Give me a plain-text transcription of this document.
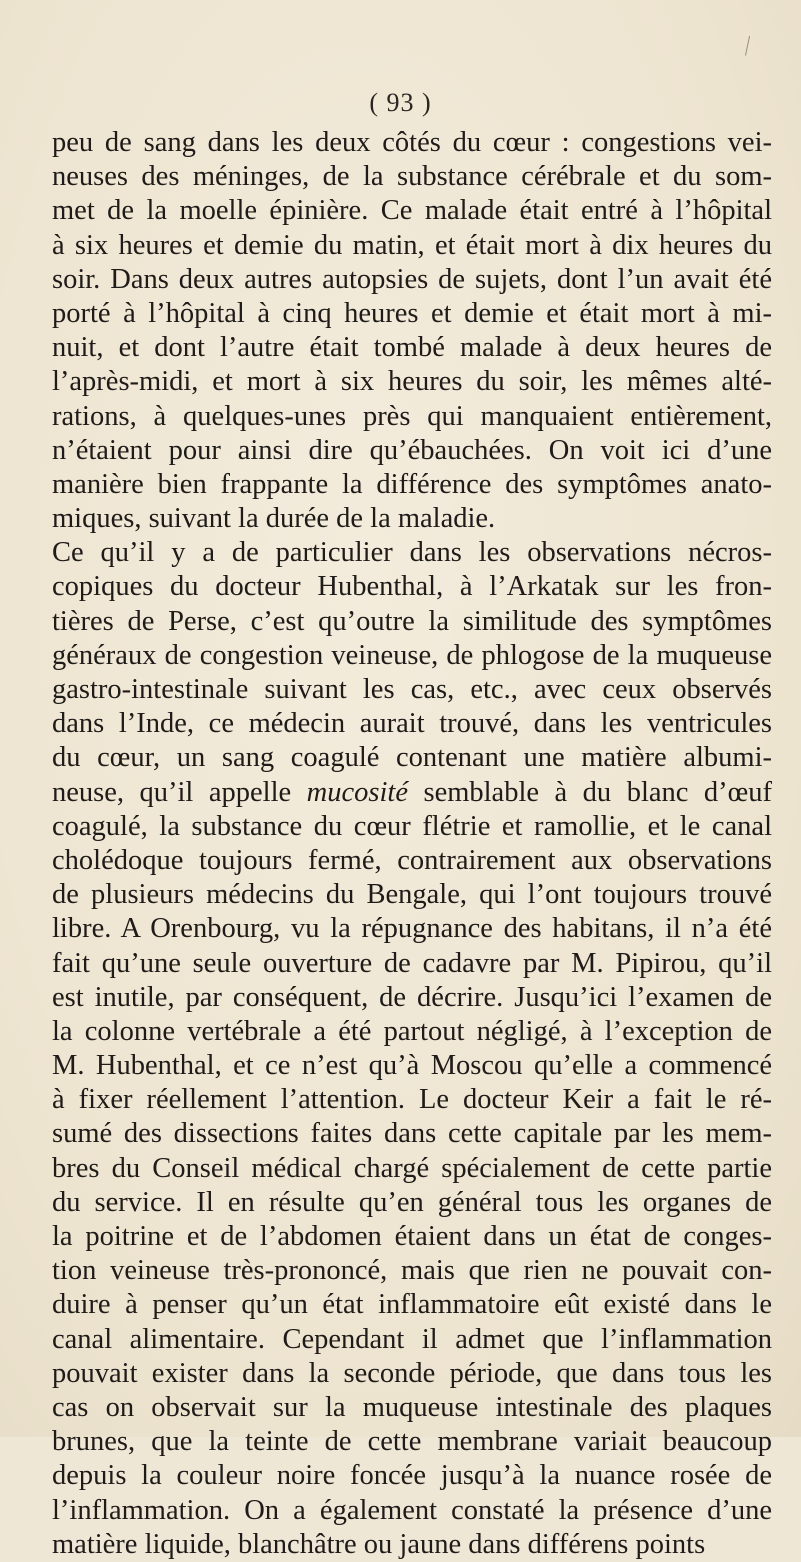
( 93 )
peu de sang dans les deux côtés du cœur : congestions vei-
neuses des méninges, de la substance cérébrale et du som-
met de la moelle épinière. Ce malade était entré à l’hôpital
à six heures et demie du matin, et était mort à dix heures du
soir. Dans deux autres autopsies de sujets, dont l’un avait été
porté à l’hôpital à cinq heures et demie et était mort à mi-
nuit, et dont l’autre était tombé malade à deux heures de
l’après-midi, et mort à six heures du soir, les mêmes alté-
rations, à quelques-unes près qui manquaient entièrement,
n’étaient pour ainsi dire qu’ébauchées. On voit ici d’une
manière bien frappante la différence des symptômes anato-
miques, suivant la durée de la maladie.
Ce qu’il y a de particulier dans les observations nécros-
copiques du docteur Hubenthal, à l’Arkatak sur les fron-
tières de Perse, c’est qu’outre la similitude des symptômes
généraux de congestion veineuse, de phlogose de la muqueuse
gastro-intestinale suivant les cas, etc., avec ceux observés
dans l’Inde, ce médecin aurait trouvé, dans les ventricules
du cœur, un sang coagulé contenant une matière albumi-
neuse, qu’il appelle mucosité semblable à du blanc d’œuf
coagulé, la substance du cœur flétrie et ramollie, et le canal
cholédoque toujours fermé, contrairement aux observations
de plusieurs médecins du Bengale, qui l’ont toujours trouvé
libre. A Orenbourg, vu la répugnance des habitans, il n’a été
fait qu’une seule ouverture de cadavre par M. Pipirou, qu’il
est inutile, par conséquent, de décrire. Jusqu’ici l’examen de
la colonne vertébrale a été partout négligé, à l’exception de
M. Hubenthal, et ce n’est qu’à Moscou qu’elle a commencé
à fixer réellement l’attention. Le docteur Keir a fait le ré-
sumé des dissections faites dans cette capitale par les mem-
bres du Conseil médical chargé spécialement de cette partie
du service. Il en résulte qu’en général tous les organes de
la poitrine et de l’abdomen étaient dans un état de conges-
tion veineuse très-prononcé, mais que rien ne pouvait con-
duire à penser qu’un état inflammatoire eût existé dans le
canal alimentaire. Cependant il admet que l’inflammation
pouvait exister dans la seconde période, que dans tous les
cas on observait sur la muqueuse intestinale des plaques
brunes, que la teinte de cette membrane variait beaucoup
depuis la couleur noire foncée jusqu’à la nuance rosée de
l’inflammation. On a également constaté la présence d’une
matière liquide, blanchâtre ou jaune dans différens points
